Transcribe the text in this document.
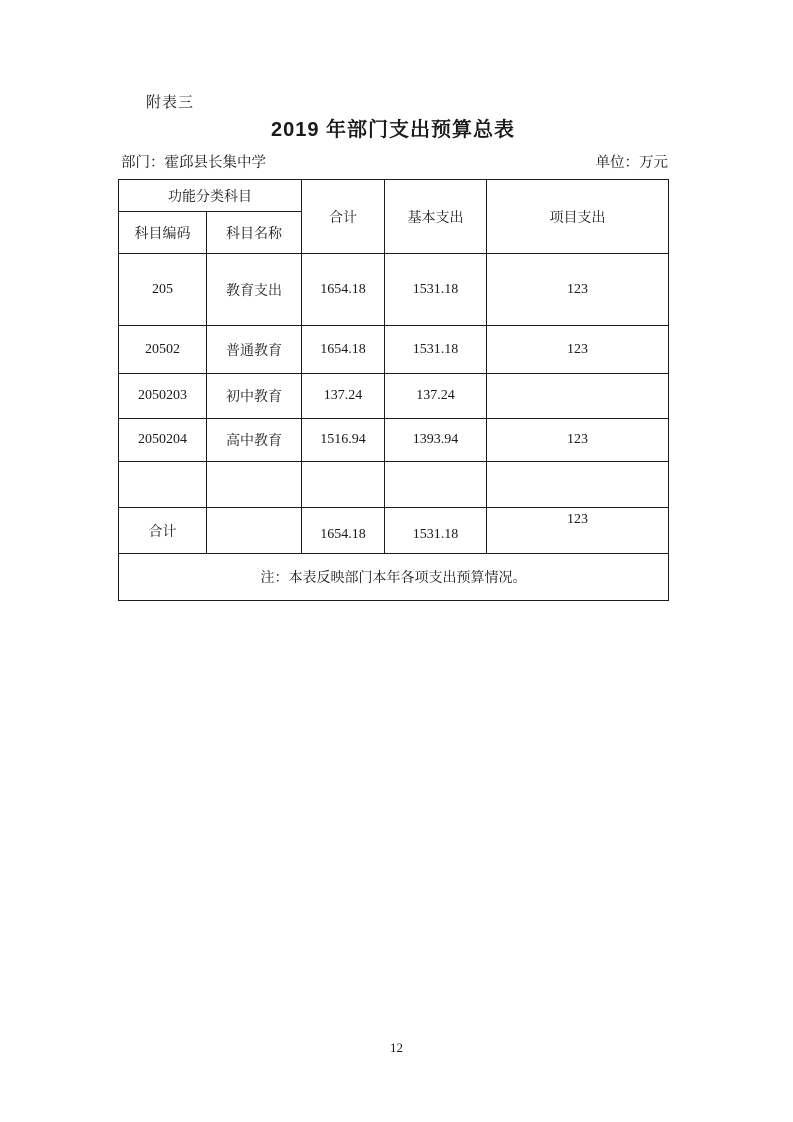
附表三
2019 年部门支出预算总表
部门：霍邱县长集中学	单位：万元
功能分类科目		合计	基本支出	项目支出
科目编码	科目名称			
205	教育支出	1654.18	1531.18	123
20502	普通教育	1654.18	1531.18	123
2050203	初中教育	137.24	137.24	
2050204	高中教育	1516.94	1393.94	123

合计		1654.18	1531.18	123
注：本表反映部门本年各项支出预算情况。				
12
